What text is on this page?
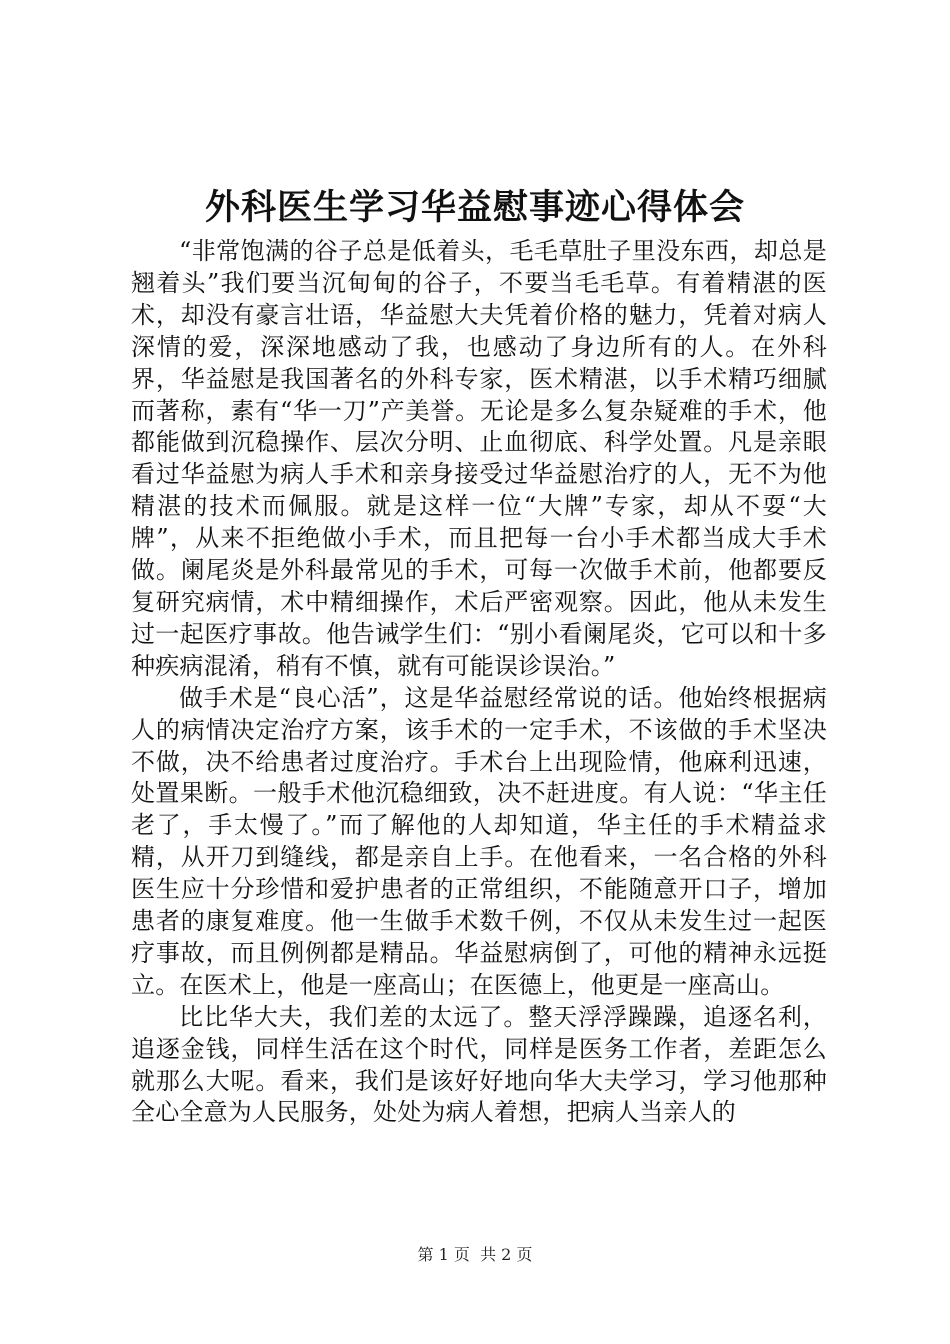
外科医生学习华益慰事迹心得体会

“非常饱满的谷子总是低着头，毛毛草肚子里没东西，却总是翘着头”我们要当沉甸甸的谷子，不要当毛毛草。有着精湛的医术，却没有豪言壮语，华益慰大夫凭着价格的魅力，凭着对病人深情的爱，深深地感动了我，也感动了身边所有的人。在外科界，华益慰是我国著名的外科专家，医术精湛，以手术精巧细腻而著称，素有“华一刀”产美誉。无论是多么复杂疑难的手术，他都能做到沉稳操作、层次分明、止血彻底、科学处置。凡是亲眼看过华益慰为病人手术和亲身接受过华益慰治疗的人，无不为他精湛的技术而佩服。就是这样一位“大牌”专家，却从不耍“大牌”，从来不拒绝做小手术，而且把每一台小手术都当成大手术做。阑尾炎是外科最常见的手术，可每一次做手术前，他都要反复研究病情，术中精细操作，术后严密观察。因此，他从未发生过一起医疗事故。他告诫学生们：“别小看阑尾炎，它可以和十多种疾病混淆，稍有不慎，就有可能误诊误治。”

做手术是“良心活”，这是华益慰经常说的话。他始终根据病人的病情决定治疗方案，该手术的一定手术，不该做的手术坚决不做，决不给患者过度治疗。手术台上出现险情，他麻利迅速，处置果断。一般手术他沉稳细致，决不赶进度。有人说：“华主任老了，手太慢了。”而了解他的人却知道，华主任的手术精益求精，从开刀到缝线，都是亲自上手。在他看来，一名合格的外科医生应十分珍惜和爱护患者的正常组织，不能随意开口子，增加患者的康复难度。他一生做手术数千例，不仅从未发生过一起医疗事故，而且例例都是精品。华益慰病倒了，可他的精神永远挺立。在医术上，他是一座高山；在医德上，他更是一座高山。

比比华大夫，我们差的太远了。整天浮浮躁躁，追逐名利，追逐金钱，同样生活在这个时代，同样是医务工作者，差距怎么就那么大呢。看来，我们是该好好地向华大夫学习，学习他那种全心全意为人民服务，处处为病人着想，把病人当亲人的

第 1 页  共 2 页
